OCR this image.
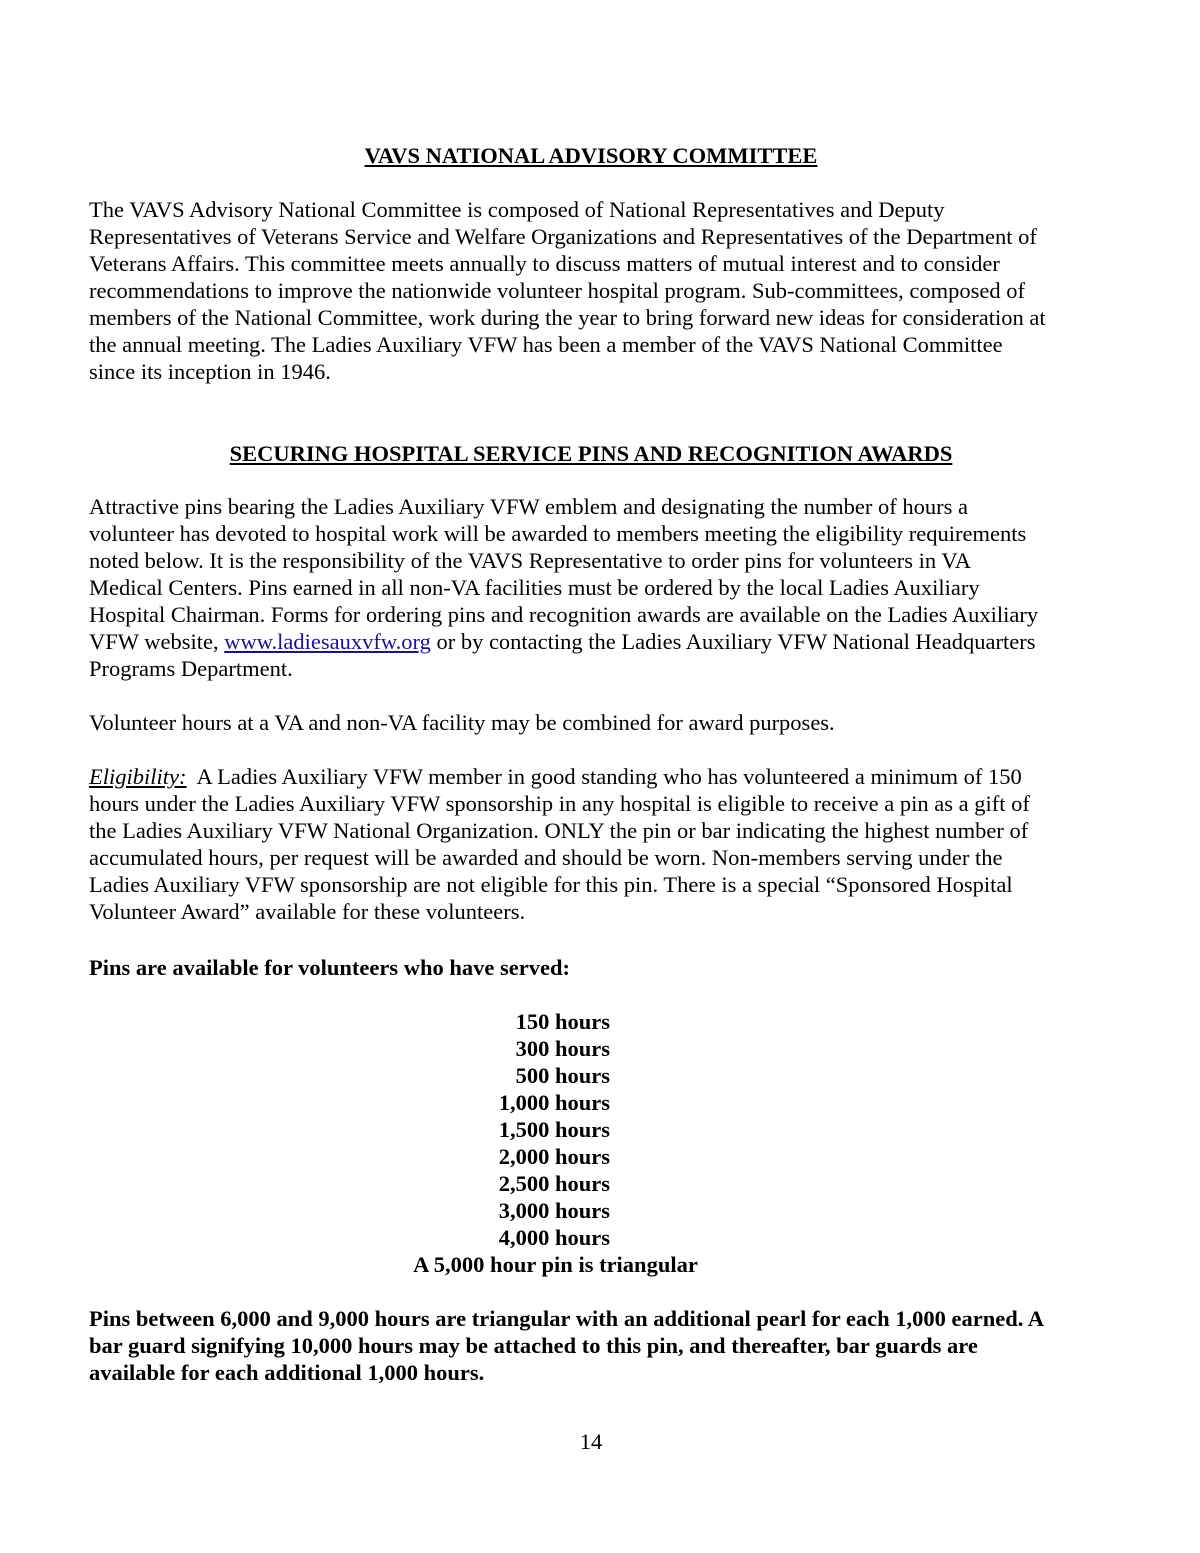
VAVS NATIONAL ADVISORY COMMITTEE
The VAVS Advisory National Committee is composed of National Representatives and Deputy
Representatives of Veterans Service and Welfare Organizations and Representatives of the Department of
Veterans Affairs. This committee meets annually to discuss matters of mutual interest and to consider
recommendations to improve the nationwide volunteer hospital program. Sub-committees, composed of
members of the National Committee, work during the year to bring forward new ideas for consideration at
the annual meeting. The Ladies Auxiliary VFW has been a member of the VAVS National Committee
since its inception in 1946.
SECURING HOSPITAL SERVICE PINS AND RECOGNITION AWARDS
Attractive pins bearing the Ladies Auxiliary VFW emblem and designating the number of hours a
volunteer has devoted to hospital work will be awarded to members meeting the eligibility requirements
noted below. It is the responsibility of the VAVS Representative to order pins for volunteers in VA
Medical Centers. Pins earned in all non-VA facilities must be ordered by the local Ladies Auxiliary
Hospital Chairman. Forms for ordering pins and recognition awards are available on the Ladies Auxiliary
VFW website, www.ladiesauxvfw.org or by contacting the Ladies Auxiliary VFW National Headquarters
Programs Department.

Volunteer hours at a VA and non-VA facility may be combined for award purposes.

Eligibility:  A Ladies Auxiliary VFW member in good standing who has volunteered a minimum of 150
hours under the Ladies Auxiliary VFW sponsorship in any hospital is eligible to receive a pin as a gift of
the Ladies Auxiliary VFW National Organization. ONLY the pin or bar indicating the highest number of
accumulated hours, per request will be awarded and should be worn. Non-members serving under the
Ladies Auxiliary VFW sponsorship are not eligible for this pin. There is a special “Sponsored Hospital
Volunteer Award” available for these volunteers.

Pins are available for volunteers who have served:

150 hours
300 hours
500 hours
1,000 hours
1,500 hours
2,000 hours
2,500 hours
3,000 hours
4,000 hours
A 5,000 hour pin is triangular
Pins between 6,000 and 9,000 hours are triangular with an additional pearl for each 1,000 earned. A
bar guard signifying 10,000 hours may be attached to this pin, and thereafter, bar guards are
available for each additional 1,000 hours.
14
